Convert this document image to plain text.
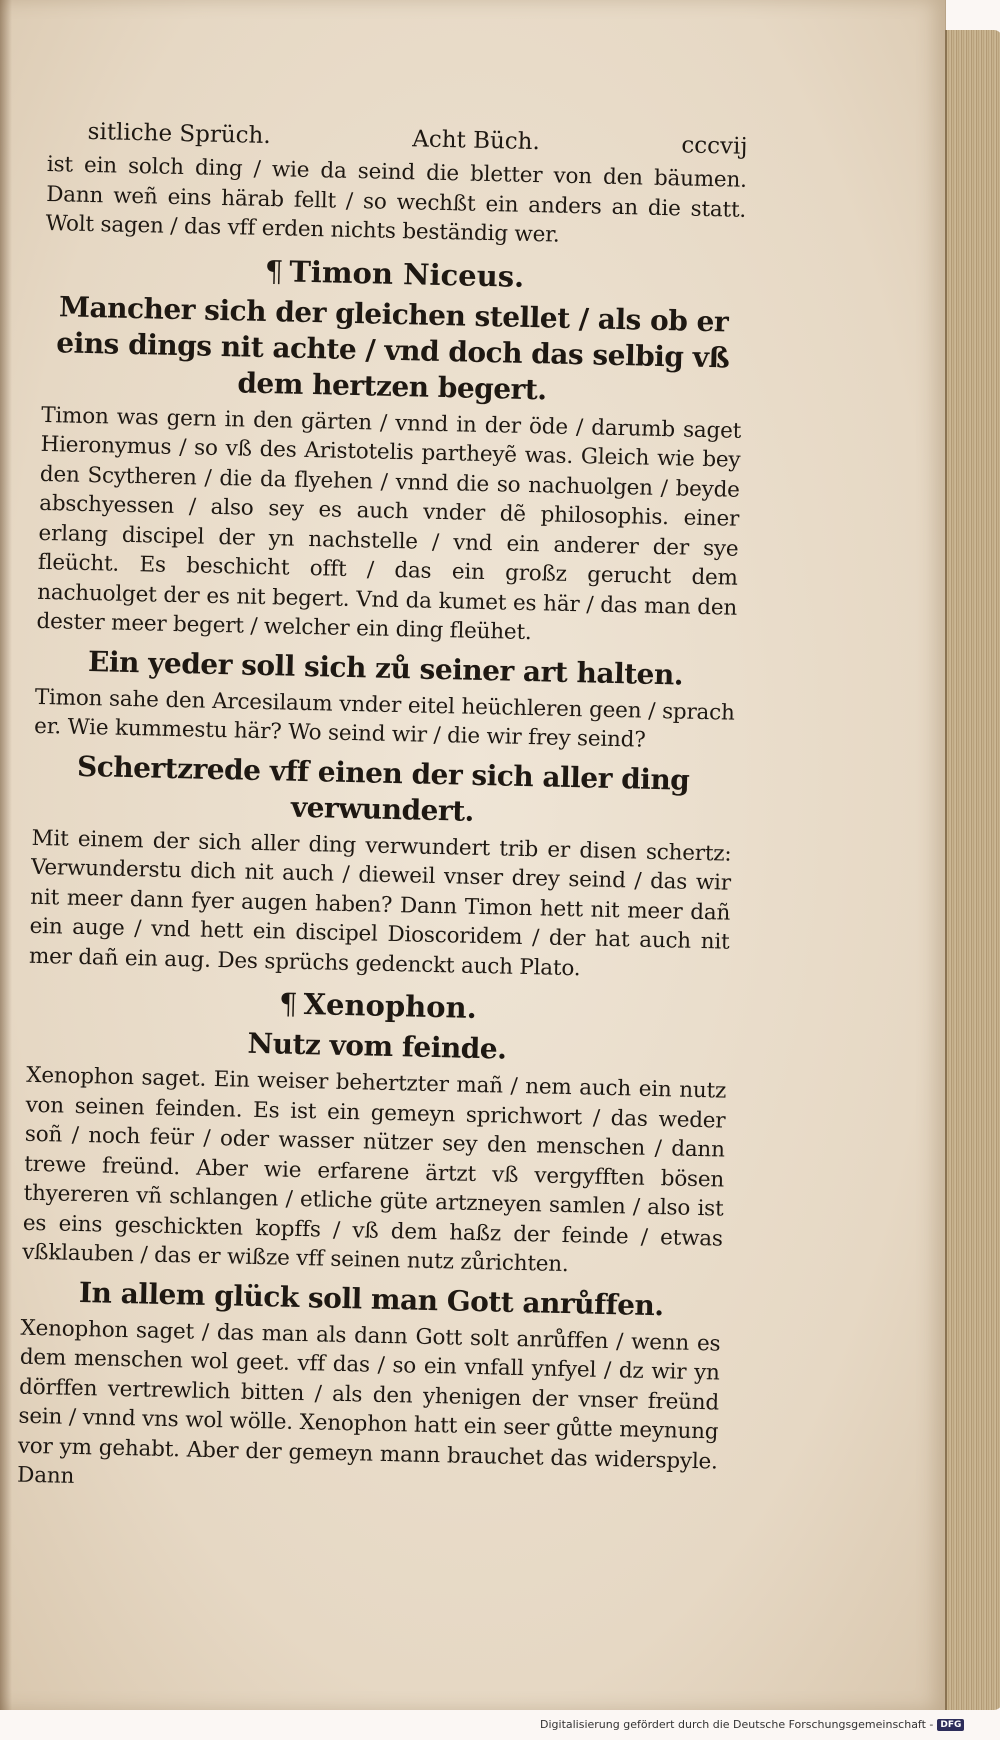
sitliche Sprüch.	Acht Büch.	cccvij

ist ein solch ding / wie da seind die bletter von den bäumen. Dann weñ eins härab fellt / so wechßt ein anders an die statt. Wolt sagen / das vff erden nichts beständig wer.

¶ Timon Niceus.
Mancher sich der gleichen stellet / als ob er eins dings nit achte / vnd doch das selbig vß dem hertzen begert.

Timon was gern in den gärten / vnnd in der öde / darumb saget Hieronymus / so vß des Aristotelis partheyẽ was. Gleich wie bey den Scytheren / die da flyehen / vnnd die so nachuolgen / beyde abschyessen / also sey es auch vnder dẽ philosophis. einer erlang discipel der yn nachstelle / vnd ein anderer der sye fleücht. Es beschicht offt / das ein großz gerucht dem nachuolget der es nit begert. Vnd da kumet es här / das man den dester meer begert / welcher ein ding fleühet.

Ein yeder soll sich zů seiner art halten.

Timon sahe den Arcesilaum vnder eitel heüchleren geen / sprach er. Wie kummestu här? Wo seind wir / die wir frey seind?

Schertzrede vff einen der sich aller ding verwundert.

Mit einem der sich aller ding verwundert trib er disen schertz: Verwunderstu dich nit auch / dieweil vnser drey seind / das wir nit meer dann fyer augen haben? Dann Timon hett nit meer dañ ein auge / vnd hett ein discipel Dioscoridem / der hat auch nit mer dañ ein aug. Des sprüchs gedenckt auch Plato.

¶ Xenophon.
Nutz vom feinde.

Xenophon saget. Ein weiser behertzter mañ / nem auch ein nutz von seinen feinden. Es ist ein gemeyn sprichwort / das weder soñ / noch feür / oder wasser nützer sey den menschen / dann trewe freünd. Aber wie erfarene ärtzt vß vergyfften bösen thyereren vñ schlangen / etliche güte artzneyen samlen / also ist es eins geschickten kopffs / vß dem haßz der feinde / etwas vßklauben / das er wißze vff seinen nutz zůrichten.

In allem glück soll man Gott anrůffen.

Xenophon saget / das man als dann Gott solt anrůffen / wenn es dem menschen wol geet. vff das / so ein vnfall ynfyel / dz wir yn dörffen vertrewlich bitten / als den yhenigen der vnser freünd sein / vnnd vns wol wölle. Xenophon hatt ein seer gůtte meynung vor ym gehabt. Aber der gemeyn mann brauchet das widerspyle. Dann

Digitalisierung gefördert durch die Deutsche Forschungsgemeinschaft - DFG
